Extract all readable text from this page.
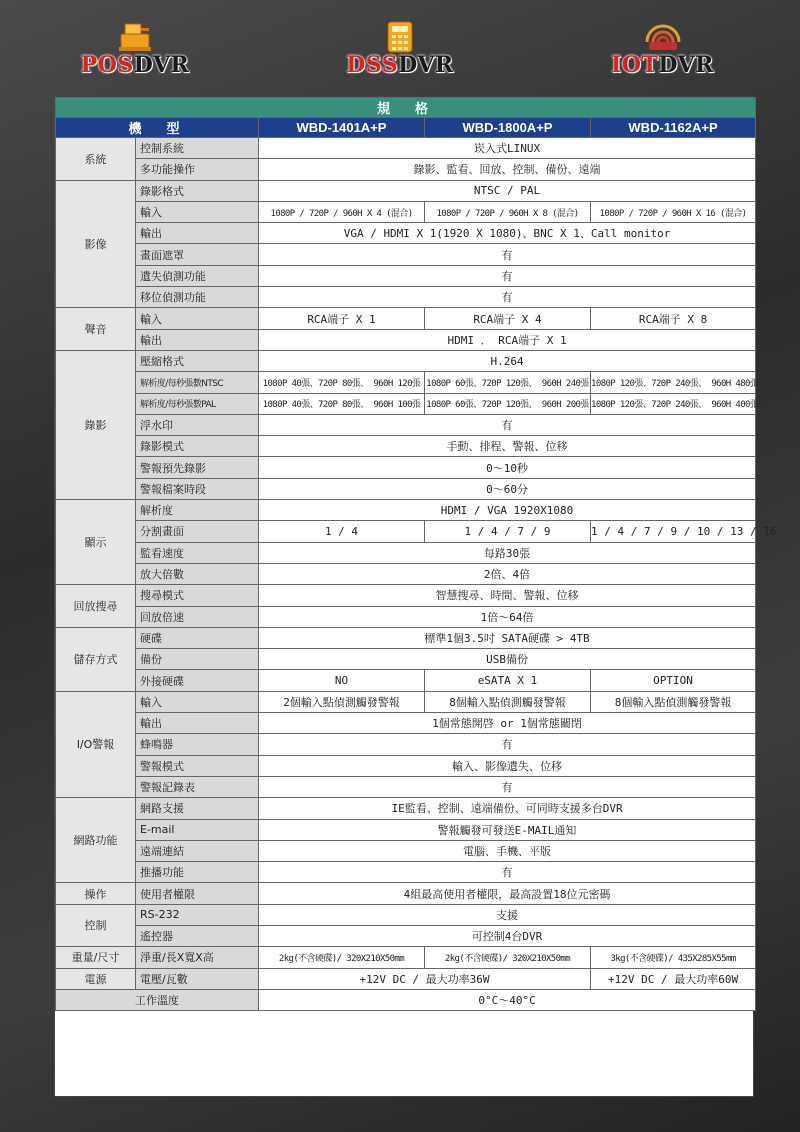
POSDVR	DSSDVR	IOTDVR
規　格				
機　型		WBD-1401A+P	WBD-1800A+P	WBD-1162A+P
系統	控制系統	崁入式LINUX		
	多功能操作	錄影、監看、回放、控制、備份、遠端		
影像	錄影格式	NTSC / PAL		
	輸入	1080P / 720P / 960H X 4 (混合)	1080P / 720P / 960H X 8 (混合)	1080P / 720P / 960H X 16 (混合)
	輸出	VGA / HDMI X 1(1920 X 1080)、BNC X 1、Call monitor		
	畫面遮罩	有		
	遺失偵測功能	有		
	移位偵測功能	有		
聲音	輸入	RCA端子 X 1	RCA端子 X 4	RCA端子 X 8
	輸出	HDMI ． RCA端子 X 1		
錄影	壓縮格式	H.264		
	解析度/每秒張數NTSC	1080P 40張、720P 80張、 960H 120張	1080P 60張、720P 120張、 960H 240張	1080P 120張、720P 240張、 960H 480張
	解析度/每秒張數PAL	1080P 40張、720P 80張、 960H 100張	1080P 60張、720P 120張、 960H 200張	1080P 120張、720P 240張、 960H 400張
	浮水印	有		
	錄影模式	手動、排程、警報、位移		
	警報預先錄影	0～10秒		
	警報檔案時段	0～60分		
顯示	解析度	HDMI / VGA 1920X1080		
	分割畫面	1 / 4	1 / 4 / 7 / 9	1 / 4 / 7 / 9 / 10 / 13 / 16
	監看速度	每路30張		
	放大倍數	2倍、4倍		
回放搜尋	搜尋模式	智慧搜尋、時間、警報、位移		
	回放倍速	1倍～64倍		
儲存方式	硬碟	標準1個3.5吋 SATA硬碟 > 4TB		
	備份	USB備份		
	外接硬碟	NO	eSATA X 1	OPTION
I/O警報	輸入	2個輸入點偵測觸發警報	8個輸入點偵測觸發警報	8個輸入點偵測觸發警報
	輸出	1個常態開啓 or 1個常態關閉		
	蜂鳴器	有		
	警報模式	輸入、影像遺失、位移		
	警報記錄表	有		
網路功能	網路支援	IE監看、控制、遠端備份、可同時支援多台DVR		
	E-mail	警報觸發可發送E-MAIL通知		
	遠端連結	電腦、手機、平版		
	推播功能	有		
操作	使用者權限	4組最高使用者權限，最高設置18位元密碼		
控制	RS-232	支援		
	遙控器	可控制4台DVR		
重量/尺寸	淨重/長X寬X高	2kg(不含硬碟)/ 320X210X50mm	2kg(不含硬碟)/ 320X210X50mm	3kg(不含硬碟)/ 435X285X55mm
電源	電壓/瓦數	+12V DC / 最大功率36W		+12V DC / 最大功率60W
工作溫度		0°C～40°C		
